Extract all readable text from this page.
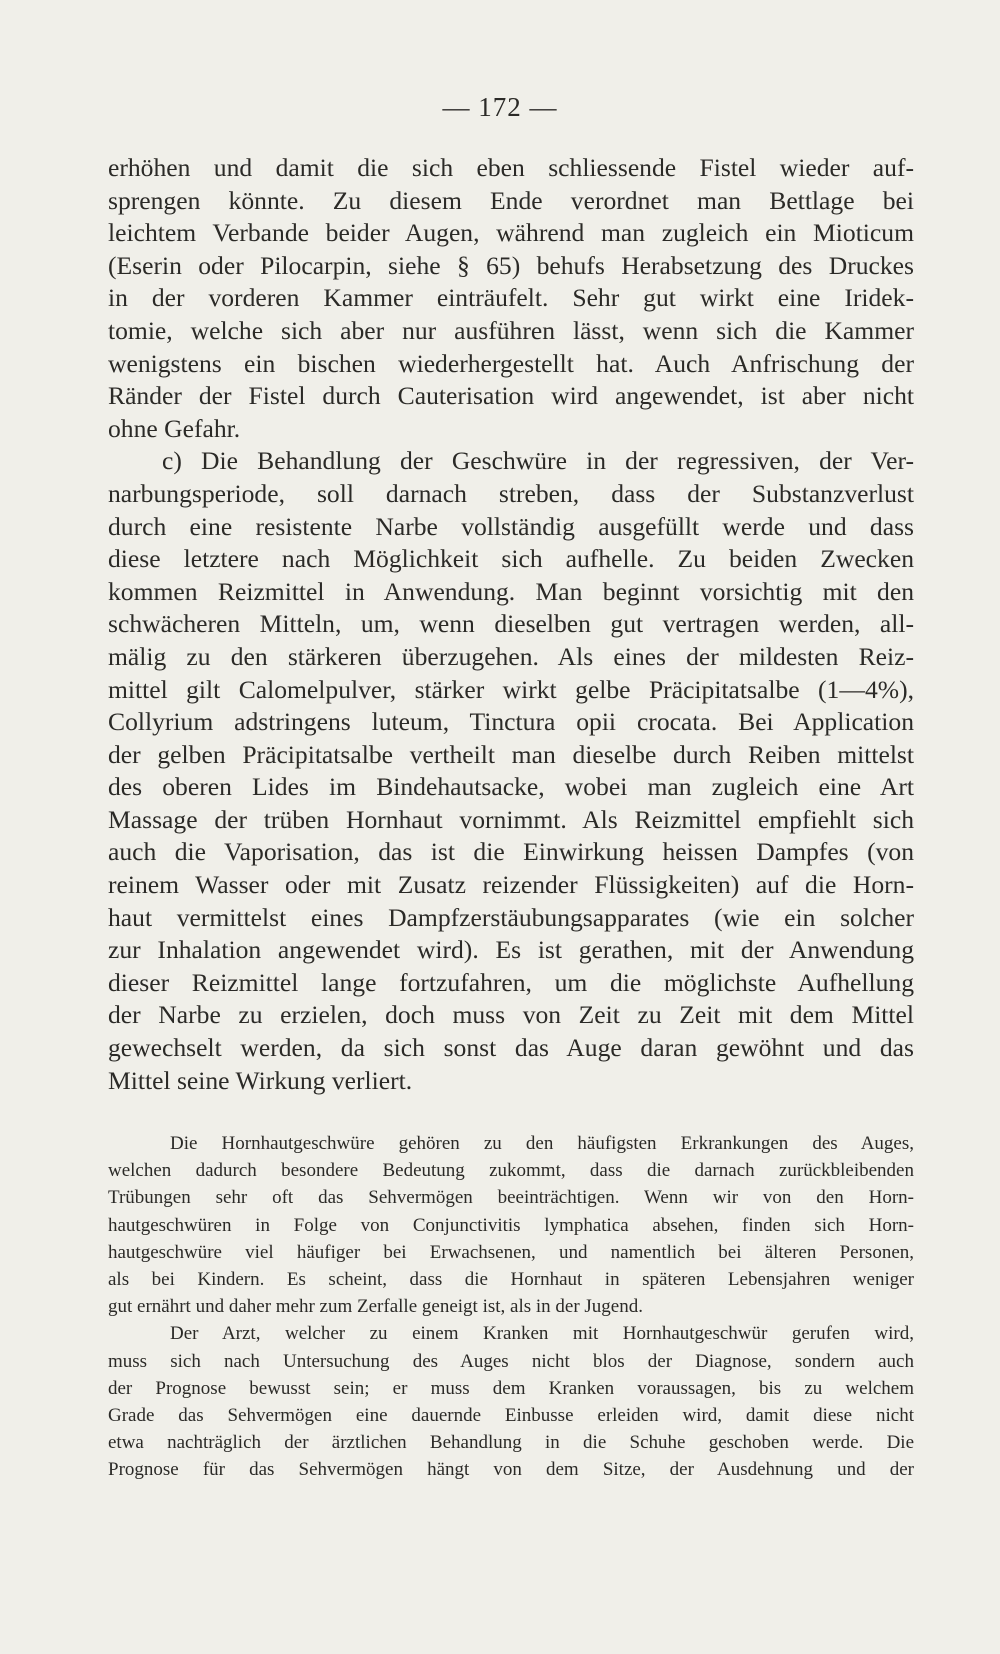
— 172 —
erhöhen und damit die sich eben schliessende Fistel wieder auf-
sprengen könnte. Zu diesem Ende verordnet man Bettlage bei
leichtem Verbande beider Augen, während man zugleich ein Mioticum
(Eserin oder Pilocarpin, siehe § 65) behufs Herabsetzung des Druckes
in der vorderen Kammer einträufelt. Sehr gut wirkt eine Iridek-
tomie, welche sich aber nur ausführen lässt, wenn sich die Kammer
wenigstens ein bischen wiederhergestellt hat. Auch Anfrischung der
Ränder der Fistel durch Cauterisation wird angewendet, ist aber nicht
ohne Gefahr.
c) Die Behandlung der Geschwüre in der regressiven, der Ver-
narbungsperiode, soll darnach streben, dass der Substanzverlust
durch eine resistente Narbe vollständig ausgefüllt werde und dass
diese letztere nach Möglichkeit sich aufhelle. Zu beiden Zwecken
kommen Reizmittel in Anwendung. Man beginnt vorsichtig mit den
schwächeren Mitteln, um, wenn dieselben gut vertragen werden, all-
mälig zu den stärkeren überzugehen. Als eines der mildesten Reiz-
mittel gilt Calomelpulver, stärker wirkt gelbe Präcipitatsalbe (1—4%),
Collyrium adstringens luteum, Tinctura opii crocata. Bei Application
der gelben Präcipitatsalbe vertheilt man dieselbe durch Reiben mittelst
des oberen Lides im Bindehautsacke, wobei man zugleich eine Art
Massage der trüben Hornhaut vornimmt. Als Reizmittel empfiehlt sich
auch die Vaporisation, das ist die Einwirkung heissen Dampfes (von
reinem Wasser oder mit Zusatz reizender Flüssigkeiten) auf die Horn-
haut vermittelst eines Dampfzerstäubungsapparates (wie ein solcher
zur Inhalation angewendet wird). Es ist gerathen, mit der Anwendung
dieser Reizmittel lange fortzufahren, um die möglichste Aufhellung
der Narbe zu erzielen, doch muss von Zeit zu Zeit mit dem Mittel
gewechselt werden, da sich sonst das Auge daran gewöhnt und das
Mittel seine Wirkung verliert.
Die Hornhautgeschwüre gehören zu den häufigsten Erkrankungen des Auges,
welchen dadurch besondere Bedeutung zukommt, dass die darnach zurückbleibenden
Trübungen sehr oft das Sehvermögen beeinträchtigen. Wenn wir von den Horn-
hautgeschwüren in Folge von Conjunctivitis lymphatica absehen, finden sich Horn-
hautgeschwüre viel häufiger bei Erwachsenen, und namentlich bei älteren Personen,
als bei Kindern. Es scheint, dass die Hornhaut in späteren Lebensjahren weniger
gut ernährt und daher mehr zum Zerfalle geneigt ist, als in der Jugend.
Der Arzt, welcher zu einem Kranken mit Hornhautgeschwür gerufen wird,
muss sich nach Untersuchung des Auges nicht blos der Diagnose, sondern auch
der Prognose bewusst sein; er muss dem Kranken voraussagen, bis zu welchem
Grade das Sehvermögen eine dauernde Einbusse erleiden wird, damit diese nicht
etwa nachträglich der ärztlichen Behandlung in die Schuhe geschoben werde. Die
Prognose für das Sehvermögen hängt von dem Sitze, der Ausdehnung und der
